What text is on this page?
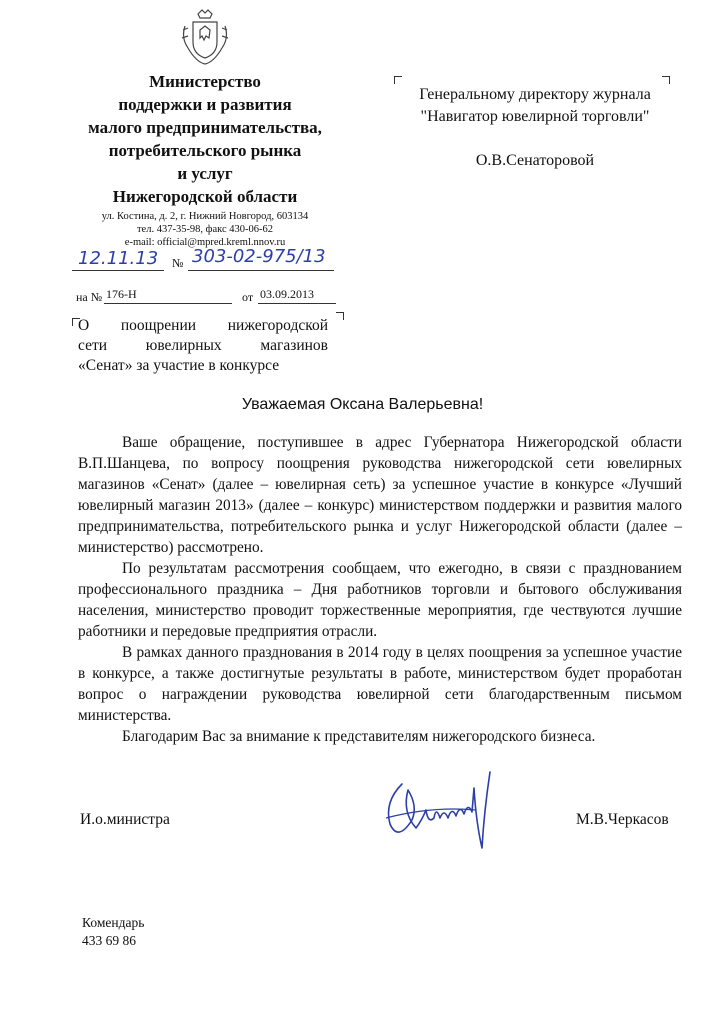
Министерство
поддержки и развития
малого предпринимательства,
потребительского рынка
и услуг
Нижегородской области
ул. Костина, д. 2, г. Нижний Новгород, 603134
тел. 437-35-98, факс 430-06-62
e-mail: official@mpred.kreml.nnov.ru
12.11.13 № 303-02-975/13
на № 176-Н	от 03.09.2013
Генеральному директору журнала
"Навигатор ювелирной торговли"
О.В.Сенаторовой
О поощрении нижегородской
сети ювелирных магазинов
«Сенат» за участие в конкурсе
Уважаемая Оксана Валерьевна!

Ваше обращение, поступившее в адрес Губернатора Нижегородской области В.П.Шанцева, по вопросу поощрения руководства нижегородской сети ювелирных магазинов «Сенат» (далее – ювелирная сеть) за успешное участие в конкурсе «Лучший ювелирный магазин 2013» (далее – конкурс) министерством поддержки и развития малого предпринимательства, потребительского рынка и услуг Нижегородской области (далее – министерство) рассмотрено.

По результатам рассмотрения сообщаем, что ежегодно, в связи с празднованием профессионального праздника – Дня работников торговли и бытового обслуживания населения, министерство проводит торжественные мероприятия, где чествуются лучшие работники и передовые предприятия отрасли.

В рамках данного празднования в 2014 году в целях поощрения за успешное участие в конкурсе, а также достигнутые результаты в работе, министерством будет проработан вопрос о награждении руководства ювелирной сети благодарственным письмом министерства.

Благодарим Вас за внимание к представителям нижегородского бизнеса.

И.о.министра	М.В.Черкасов
Комендарь
433 69 86
